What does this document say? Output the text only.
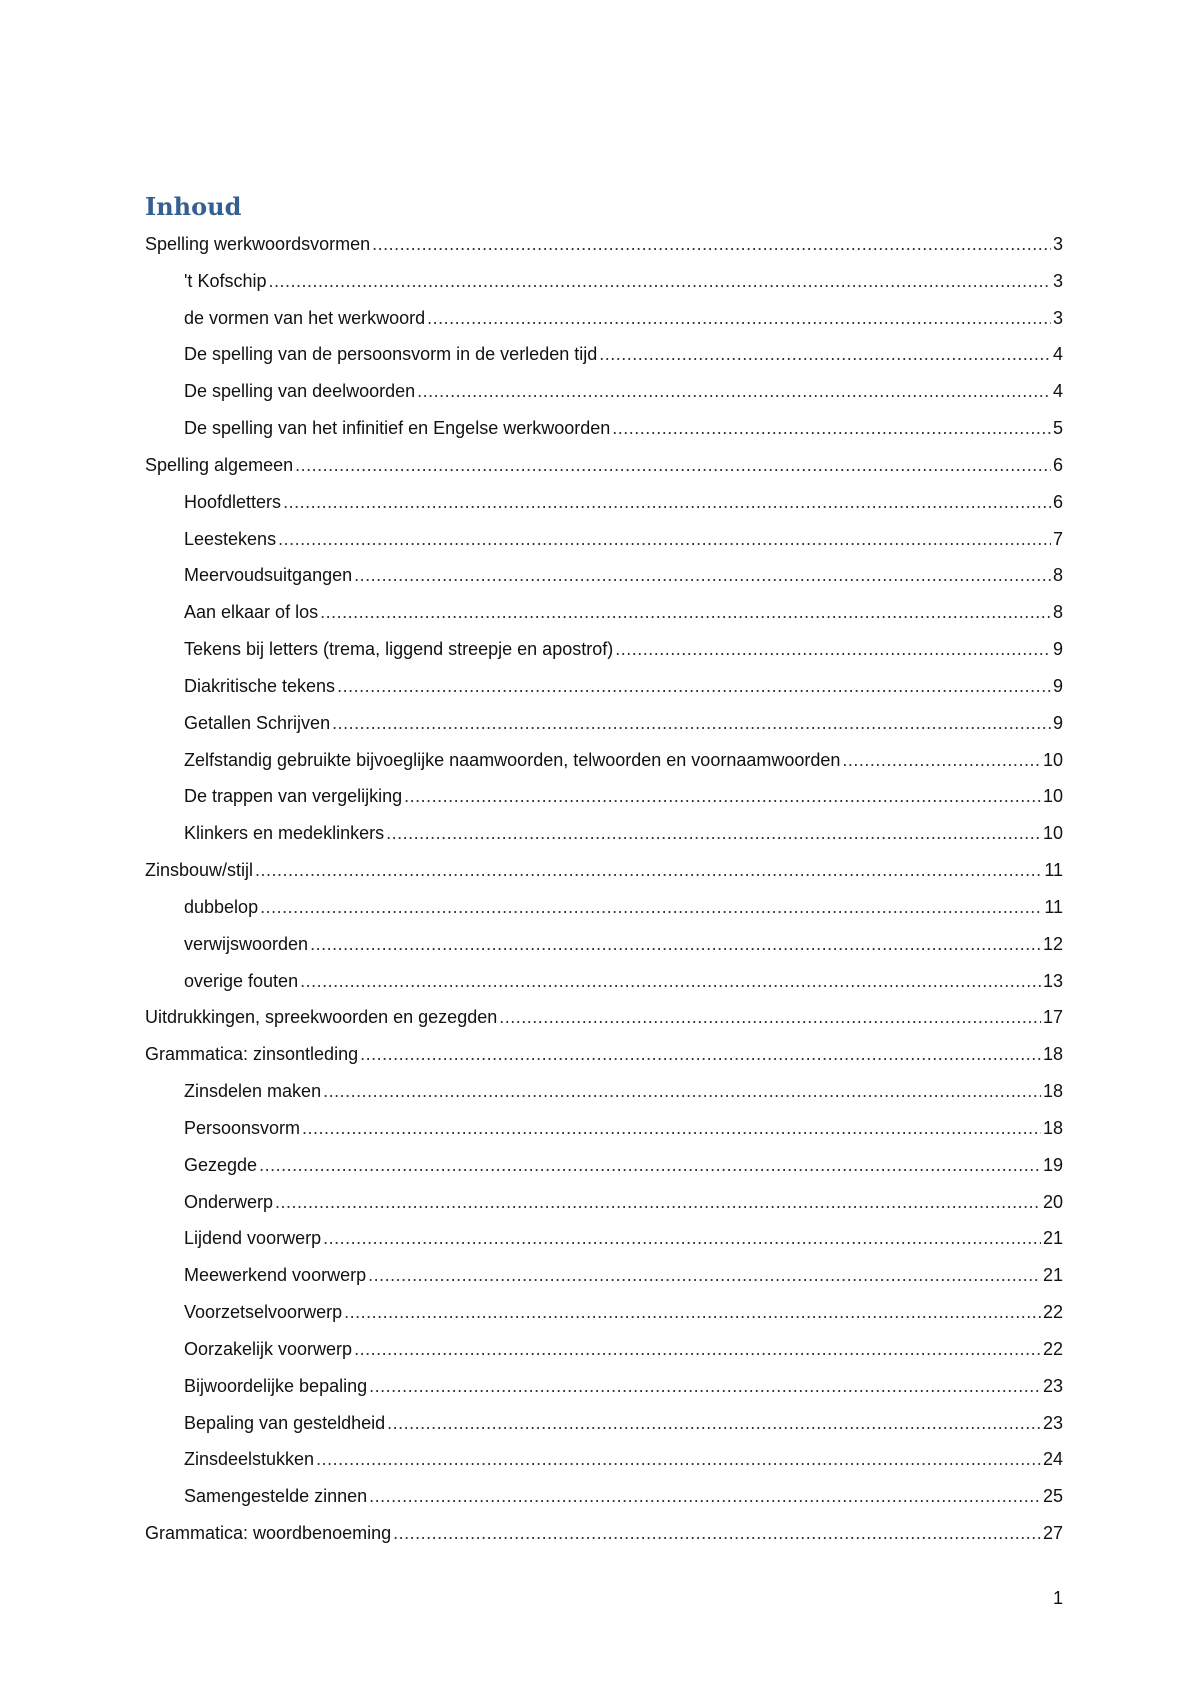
Inhoud
Spelling werkwoordsvormen .....	3
't Kofschip .....	3
de vormen van het werkwoord .....	3
De spelling van de persoonsvorm in de verleden tijd .....	4
De spelling van deelwoorden .....	4
De spelling van het infinitief en Engelse werkwoorden .....	5
Spelling algemeen .....	6
Hoofdletters .....	6
Leestekens .....	7
Meervoudsuitgangen .....	8
Aan elkaar of los .....	8
Tekens bij letters (trema, liggend streepje en apostrof) .....	9
Diakritische tekens .....	9
Getallen Schrijven .....	9
Zelfstandig gebruikte bijvoeglijke naamwoorden, telwoorden en voornaamwoorden .....	10
De trappen van vergelijking .....	10
Klinkers en medeklinkers .....	10
Zinsbouw/stijl .....	11
dubbelop .....	11
verwijswoorden .....	12
overige fouten .....	13
Uitdrukkingen, spreekwoorden en gezegden .....	17
Grammatica: zinsontleding .....	18
Zinsdelen maken .....	18
Persoonsvorm .....	18
Gezegde .....	19
Onderwerp .....	20
Lijdend voorwerp .....	21
Meewerkend voorwerp .....	21
Voorzetselvoorwerp .....	22
Oorzakelijk voorwerp .....	22
Bijwoordelijke bepaling .....	23
Bepaling van gesteldheid .....	23
Zinsdeelstukken .....	24
Samengestelde zinnen .....	25
Grammatica: woordbenoeming .....	27
1
